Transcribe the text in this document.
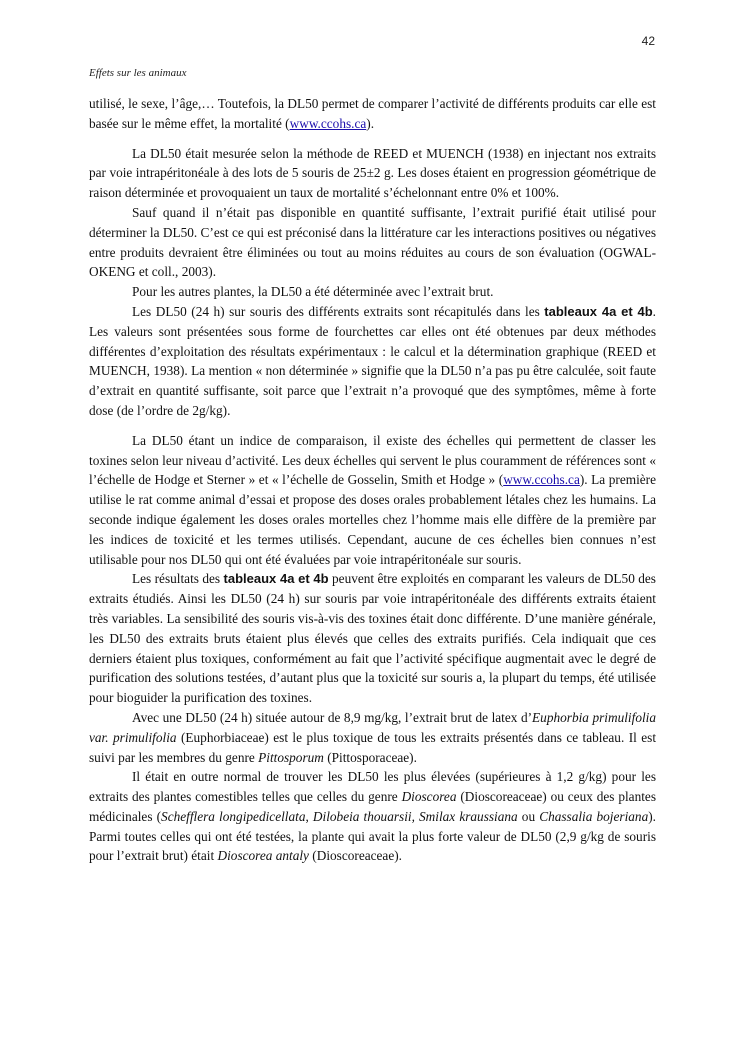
42
Effets sur les animaux

utilisé, le sexe, l’âge,… Toutefois, la DL50 permet de comparer l’activité de différents produits car elle est basée sur le même effet, la mortalité (www.ccohs.ca).

La DL50 était mesurée selon la méthode de REED et MUENCH (1938) en injectant nos extraits par voie intrapéritonéale à des lots de 5 souris de 25±2 g. Les doses étaient en progression géométrique de raison déterminée et provoquaient un taux de mortalité s’échelonnant entre 0% et 100%.

Sauf quand il n’était pas disponible en quantité suffisante, l’extrait purifié était utilisé pour déterminer la DL50. C’est ce qui est préconisé dans la littérature car les interactions positives ou négatives entre produits devraient être éliminées ou tout au moins réduites au cours de son évaluation (OGWAL-OKENG et coll., 2003).

Pour les autres plantes, la DL50 a été déterminée avec l’extrait brut.

Les DL50 (24 h) sur souris des différents extraits sont récapitulés dans les tableaux 4a et 4b. Les valeurs sont présentées sous forme de fourchettes car elles ont été obtenues par deux méthodes différentes d’exploitation des résultats expérimentaux : le calcul et la détermination graphique (REED et MUENCH, 1938). La mention « non déterminée » signifie que la DL50 n’a pas pu être calculée, soit faute d’extrait en quantité suffisante, soit parce que l’extrait n’a provoqué que des symptômes, même à forte dose (de l’ordre de 2g/kg).

La DL50 étant un indice de comparaison, il existe des échelles qui permettent de classer les toxines selon leur niveau d’activité. Les deux échelles qui servent le plus couramment de références sont « l’échelle de Hodge et Sterner » et « l’échelle de Gosselin, Smith et Hodge » (www.ccohs.ca). La première utilise le rat comme animal d’essai et propose des doses orales probablement létales chez les humains. La seconde indique également les doses orales mortelles chez l’homme mais elle diffère de la première par les indices de toxicité et les termes utilisés. Cependant, aucune de ces échelles bien connues n’est utilisable pour nos DL50 qui ont été évaluées par voie intrapéritonéale sur souris.

Les résultats des tableaux 4a et 4b peuvent être exploités en comparant les valeurs de DL50 des extraits étudiés. Ainsi les DL50 (24 h) sur souris par voie intrapéritonéale des différents extraits étaient très variables. La sensibilité des souris vis-à-vis des toxines était donc différente. D’une manière générale, les DL50 des extraits bruts étaient plus élevés que celles des extraits purifiés. Cela indiquait que ces derniers étaient plus toxiques, conformément au fait que l’activité spécifique augmentait avec le degré de purification des solutions testées, d’autant plus que la toxicité sur souris a, la plupart du temps, été utilisée pour bioguider la purification des toxines.

Avec une DL50 (24 h) située autour de 8,9 mg/kg, l’extrait brut de latex d’Euphorbia primulifolia var. primulifolia (Euphorbiaceae) est le plus toxique de tous les extraits présentés dans ce tableau. Il est suivi par les membres du genre Pittosporum (Pittosporaceae).

Il était en outre normal de trouver les DL50 les plus élevées (supérieures à 1,2 g/kg) pour les extraits des plantes comestibles telles que celles du genre Dioscorea (Dioscoreaceae) ou ceux des plantes médicinales (Schefflera longipedicellata, Dilobeia thouarsii, Smilax kraussiana ou Chassalia bojeriana). Parmi toutes celles qui ont été testées, la plante qui avait la plus forte valeur de DL50 (2,9 g/kg de souris pour l’extrait brut) était Dioscorea antaly (Dioscoreaceae).
